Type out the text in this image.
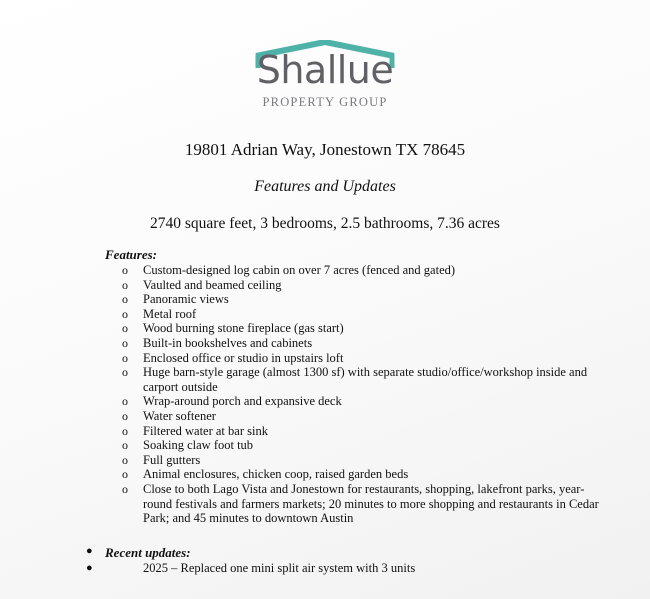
Shallue
PROPERTY GROUP
19801 Adrian Way, Jonestown TX 78645
Features and Updates
2740 square feet, 3 bedrooms, 2.5 bathrooms, 7.36 acres
Features:
o Custom-designed log cabin on over 7 acres (fenced and gated)
o Vaulted and beamed ceiling
o Panoramic views
o Metal roof
o Wood burning stone fireplace (gas start)
o Built-in bookshelves and cabinets
o Enclosed office or studio in upstairs loft
o Huge barn-style garage (almost 1300 sf) with separate studio/office/workshop inside and carport outside
o Wrap-around porch and expansive deck
o Water softener
o Filtered water at bar sink
o Soaking claw foot tub
o Full gutters
o Animal enclosures, chicken coop, raised garden beds
o Close to both Lago Vista and Jonestown for restaurants, shopping, lakefront parks, year-round festivals and farmers markets; 20 minutes to more shopping and restaurants in Cedar Park; and 45 minutes to downtown Austin
● Recent updates:
●	2025 – Replaced one mini split air system with 3 units
